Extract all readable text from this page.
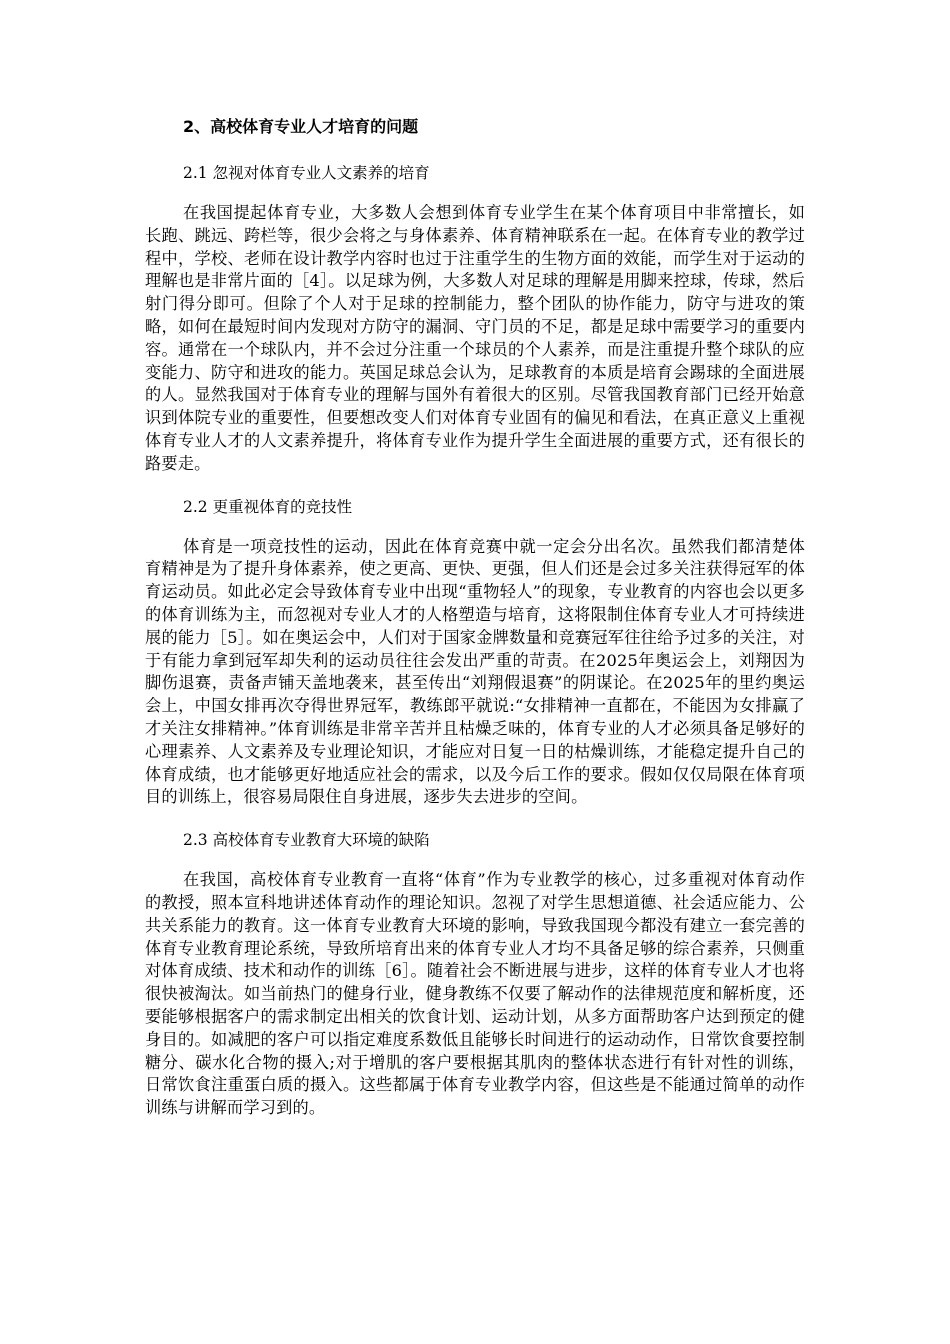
2、高校体育专业人才培育的问题
2.1 忽视对体育专业人文素养的培育

在我国提起体育专业，大多数人会想到体育专业学生在某个体育项目中非常擅长，如长跑、跳远、跨栏等，很少会将之与身体素养、体育精神联系在一起。在体育专业的教学过程中，学校、老师在设计教学内容时也过于注重学生的生物方面的效能，而学生对于运动的理解也是非常片面的［4］。以足球为例，大多数人对足球的理解是用脚来控球，传球，然后射门得分即可。但除了个人对于足球的控制能力，整个团队的协作能力，防守与进攻的策略，如何在最短时间内发现对方防守的漏洞、守门员的不足，都是足球中需要学习的重要内容。通常在一个球队内，并不会过分注重一个球员的个人素养，而是注重提升整个球队的应变能力、防守和进攻的能力。英国足球总会认为，足球教育的本质是培育会踢球的全面进展的人。显然我国对于体育专业的理解与国外有着很大的区别。尽管我国教育部门已经开始意识到体院专业的重要性，但要想改变人们对体育专业固有的偏见和看法，在真正意义上重视体育专业人才的人文素养提升，将体育专业作为提升学生全面进展的重要方式，还有很长的路要走。

2.2 更重视体育的竞技性

体育是一项竞技性的运动，因此在体育竞赛中就一定会分出名次。虽然我们都清楚体育精神是为了提升身体素养，使之更高、更快、更强，但人们还是会过多关注获得冠军的体育运动员。如此必定会导致体育专业中出现“重物轻人”的现象，专业教育的内容也会以更多的体育训练为主，而忽视对专业人才的人格塑造与培育，这将限制住体育专业人才可持续进展的能力［5］。如在奥运会中，人们对于国家金牌数量和竞赛冠军往往给予过多的关注，对于有能力拿到冠军却失利的运动员往往会发出严重的苛责。在2025年奥运会上，刘翔因为脚伤退赛，责备声铺天盖地袭来，甚至传出“刘翔假退赛”的阴谋论。在2025年的里约奥运会上，中国女排再次夺得世界冠军，教练郎平就说:“女排精神一直都在，不能因为女排赢了才关注女排精神。”体育训练是非常辛苦并且枯燥乏味的，体育专业的人才必须具备足够好的心理素养、人文素养及专业理论知识，才能应对日复一日的枯燥训练，才能稳定提升自己的体育成绩，也才能够更好地适应社会的需求，以及今后工作的要求。假如仅仅局限在体育项目的训练上，很容易局限住自身进展，逐步失去进步的空间。

2.3 高校体育专业教育大环境的缺陷

在我国，高校体育专业教育一直将“体育”作为专业教学的核心，过多重视对体育动作的教授，照本宣科地讲述体育动作的理论知识。忽视了对学生思想道德、社会适应能力、公共关系能力的教育。这一体育专业教育大环境的影响，导致我国现今都没有建立一套完善的体育专业教育理论系统，导致所培育出来的体育专业人才均不具备足够的综合素养，只侧重对体育成绩、技术和动作的训练［6］。随着社会不断进展与进步，这样的体育专业人才也将很快被淘汰。如当前热门的健身行业，健身教练不仅要了解动作的法律规范度和解析度，还要能够根据客户的需求制定出相关的饮食计划、运动计划，从多方面帮助客户达到预定的健身目的。如减肥的客户可以指定难度系数低且能够长时间进行的运动动作，日常饮食要控制糖分、碳水化合物的摄入;对于增肌的客户要根据其肌肉的整体状态进行有针对性的训练，日常饮食注重蛋白质的摄入。这些都属于体育专业教学内容，但这些是不能通过简单的动作训练与讲解而学习到的。
